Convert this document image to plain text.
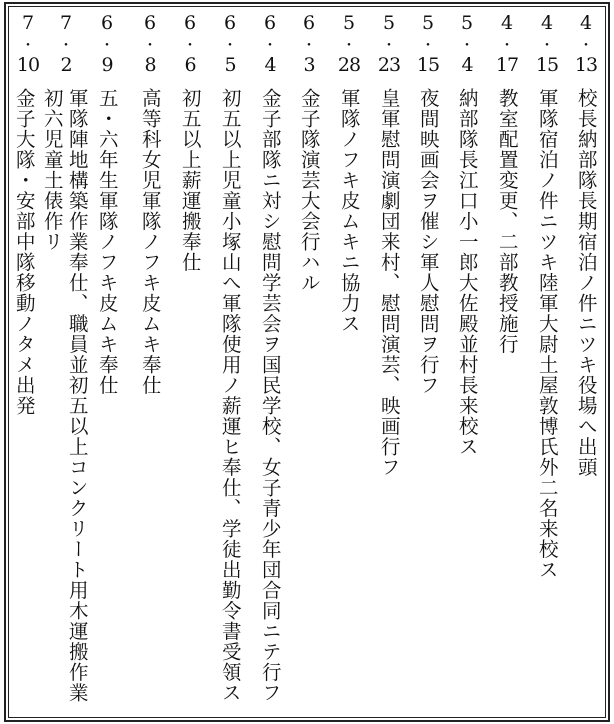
4
・
13
校長納部隊長期宿泊ノ件ニツキ役場へ出頭
4
・
15
軍隊宿泊ノ件ニツキ陸軍大尉土屋敦博氏外二名来校ス
4
・
17
教室配置変更、二部教授施行
5
・
4
納部隊長江口小一郎大佐殿並村長来校ス
5
・
15
夜間映画会ヲ催シ軍人慰問ヲ行フ
5
・
23
皇軍慰問演劇団来村、慰問演芸、映画行フ
5
・
28
軍隊ノフキ皮ムキニ協力ス
6
・
3
金子隊演芸大会行ハル
6
・
4
金子部隊ニ対シ慰問学芸会ヲ国民学校、女子青少年団合同ニテ行フ
6
・
5
初五以上児童小塚山へ軍隊使用ノ薪運ヒ奉仕、学徒出勤令書受領ス
6
・
6
初五以上薪運搬奉仕
6
・
8
高等科女児軍隊ノフキ皮ムキ奉仕
6
・
9
五・六年生軍隊ノフキ皮ムキ奉仕
7
・
2
軍隊陣地構築作業奉仕、職員並初五以上コンクリート用木運搬作業
初六児童土俵作リ
7
・
10
金子大隊・安部中隊移動ノタメ出発
